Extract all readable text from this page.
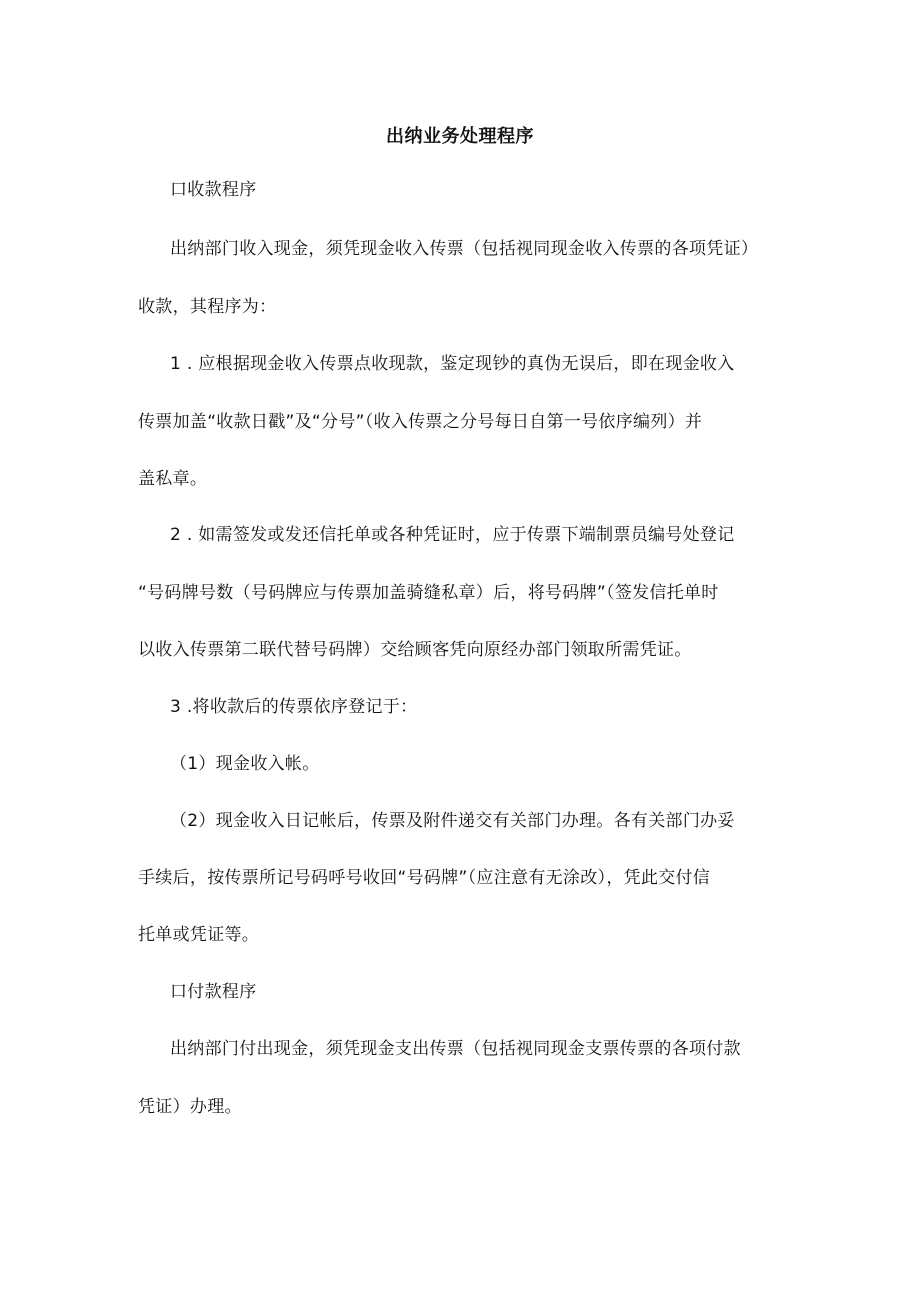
出纳业务处理程序
口收款程序
出纳部门收入现金，须凭现金收入传票（包括视同现金收入传票的各项凭证）
收款，其程序为：
1 . 应根据现金收入传票点收现款，鉴定现钞的真伪无误后，即在现金收入
传票加盖“收款日戳”及“分号”（收入传票之分号每日自第一号依序编列）并
盖私章。
2 . 如需签发或发还信托单或各种凭证时，应于传票下端制票员编号处登记
“号码牌号数（号码牌应与传票加盖骑缝私章）后，将号码牌”（签发信托单时
以收入传票第二联代替号码牌）交给顾客凭向原经办部门领取所需凭证。
3 .将收款后的传票依序登记于：
（1）现金收入帐。
（2）现金收入日记帐后，传票及附件递交有关部门办理。各有关部门办妥
手续后，按传票所记号码呼号收回“号码牌”（应注意有无涂改），凭此交付信
托单或凭证等。
口付款程序
出纳部门付出现金，须凭现金支出传票（包括视同现金支票传票的各项付款
凭证）办理。
